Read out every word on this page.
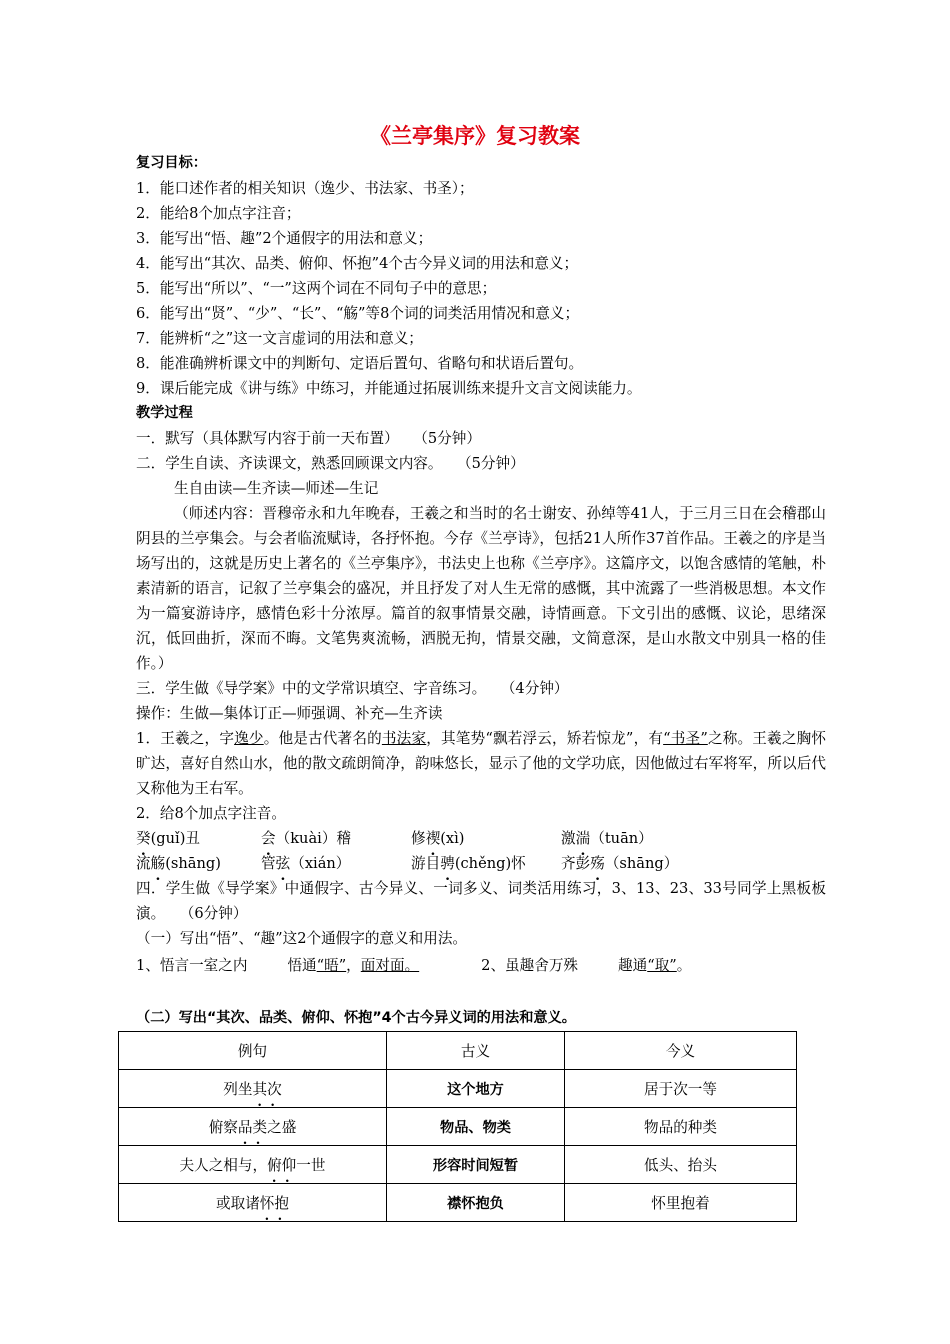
《兰亭集序》复习教案

复习目标：

1．能口述作者的相关知识（逸少、书法家、书圣）；

2．能给8个加点字注音；

3．能写出“悟、趣”2个通假字的用法和意义；

4．能写出“其次、品类、俯仰、怀抱”4个古今异义词的用法和意义；

5．能写出“所以”、“一”这两个词在不同句子中的意思；

6．能写出“贤”、“少”、“长”、“觞”等8个词的词类活用情况和意义；

7．能辨析“之”这一文言虚词的用法和意义；

8．能准确辨析课文中的判断句、定语后置句、省略句和状语后置句。

9．课后能完成《讲与练》中练习，并能通过拓展训练来提升文言文阅读能力。

教学过程

一．默写（具体默写内容于前一天布置）　　（5分钟）

二．学生自读、齐读课文，熟悉回顾课文内容。　　（5分钟）

生自由读—生齐读—师述—生记

（师述内容：晋穆帝永和九年晚春，王羲之和当时的名士谢安、孙绰等41人，于三月三日在会稽郡山阴县的兰亭集会。与会者临流赋诗，各抒怀抱。今存《兰亭诗》，包括21人所作37首作品。王羲之的序是当场写出的，这就是历史上著名的《兰亭集序》，书法史上也称《兰亭序》。这篇序文，以饱含感情的笔触，朴素清新的语言，记叙了兰亭集会的盛况，并且抒发了对人生无常的感慨，其中流露了一些消极思想。本文作为一篇宴游诗序，感情色彩十分浓厚。篇首的叙事情景交融，诗情画意。下文引出的感慨、议论，思绪深沉，低回曲折，深而不晦。文笔隽爽流畅，洒脱无拘，情景交融，文简意深，是山水散文中别具一格的佳作。）

三．学生做《导学案》中的文学常识填空、字音练习。　　（4分钟）

操作：生做—集体订正—师强调、补充—生齐读

1．王羲之，字逸少。他是古代著名的书法家，其笔势“飘若浮云，矫若惊龙”，有“书圣”之称。王羲之胸怀旷达，喜好自然山水，他的散文疏朗简净，韵味悠长，显示了他的文学功底，因他做过右军将军，所以后代又称他为王右军。

2．给8个加点字注音。

癸(guǐ)丑	会（kuài）稽	修禊(xì)	激湍（tuān）

流觞(shāng)	管弦（xián）	游目骋(chěng)怀	齐彭殇（shāng）

四．学生做《导学案》中通假字、古今异义、一词多义、词类活用练习，3、13、23、33号同学上黑板板演。　　（6分钟）

（一）写出“悟”、“趣”这2个通假字的意义和用法。

1、悟言一室之内	悟通“晤”，面对面。	2、虽趣舍万殊	趣通“取”。

（二）写出“其次、品类、俯仰、怀抱”4个古今异义词的用法和意义。
例句	古义	今义
列坐其次 . .	这个地方	居于次一等
俯察品类 . .之盛	物品、物类	物品的种类
夫人之相与，俯仰 . .一世	形容时间短暂	低头、抬头
或取诸怀抱 . .	襟怀抱负	怀里抱着
